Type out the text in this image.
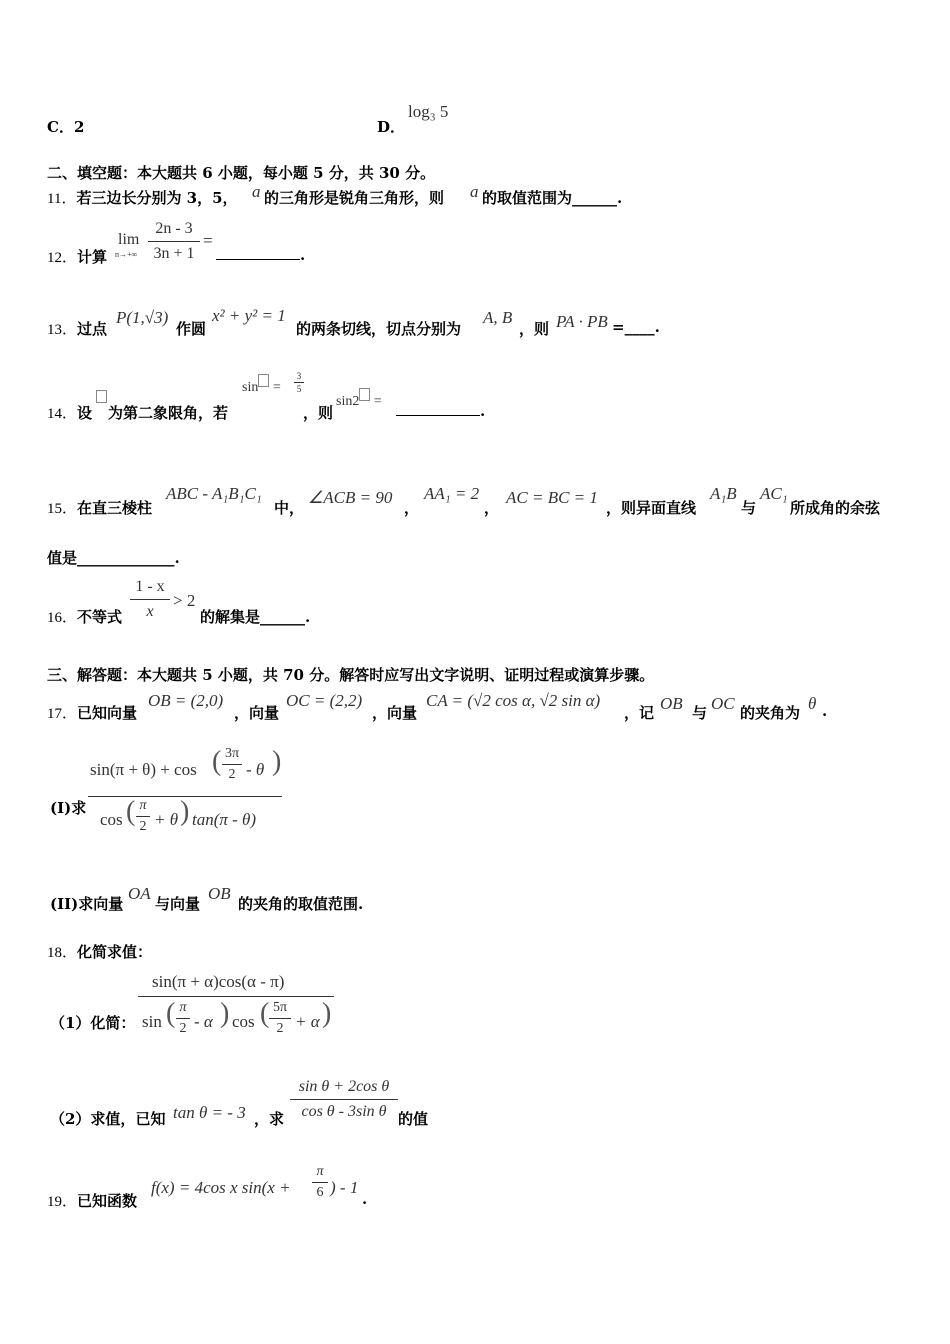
C．2	D．
log₃ 5
二、填空题：本大题共 6 小题，每小题 5 分，共 30 分。
11．若三边长分别为 3，5， a 的三角形是锐角三角形，则 a 的取值范围为______.
12．计算
lim
$n\to+\infty \frac{2n - 3}{3n + 1}$ =
.
13．过点
P(1,√3)
作圆
x² + y² = 1
的两条切线，切点分别为
A, B
，则 PA · PB =____.
14．设 为第二象限角，若
$\sin = \frac{3}{5}$
，则
sin2 =
.
15．在直三棱柱
ABC - A₁B₁C₁
中，
∠ACB = 90
，
AA₁ = 2
，
AC = BC = 1
，则异面直线
A₁B
与
AC₁
所成角的余弦
值是_____________.
16．不等式 $\frac{1 - x}{x} > 2$
的解集是______.
三、解答题：本大题共 5 小题，共 70 分。解答时应写出文字说明、证明过程或演算步骤。
17．已知向量
OB = (2,0)
，向量
OC = (2,2)
，向量
CA = (√2 cos α, √2 sin α)
，记 OB 与 OC 的夹角为 θ .
(I)求
sin(π + θ) + cos ( $\frac{3\pi}{2}$ - θ )
cos ( $\frac{\pi}{2} + \theta$ ) tan(π - θ)
(II)求向量
OA
与向量
OB
的夹角的取值范围.
18．化简求值：
（1）化简：
sin(π + α)cos(α - π)
sin ( $\frac{\pi}{2}$ - α ) cos ( $\frac{5\pi}{2} + \alpha$ )
（2）求值，已知 tan θ = - 3 ，求 $\frac{\text{sin θ + 2cos θ}}{\text{cos θ - 3sin θ}}$ 的值
19．已知函数
f(x) = 4cos x $\sin(x + \frac{\pi}{6}$ ) - 1
.
